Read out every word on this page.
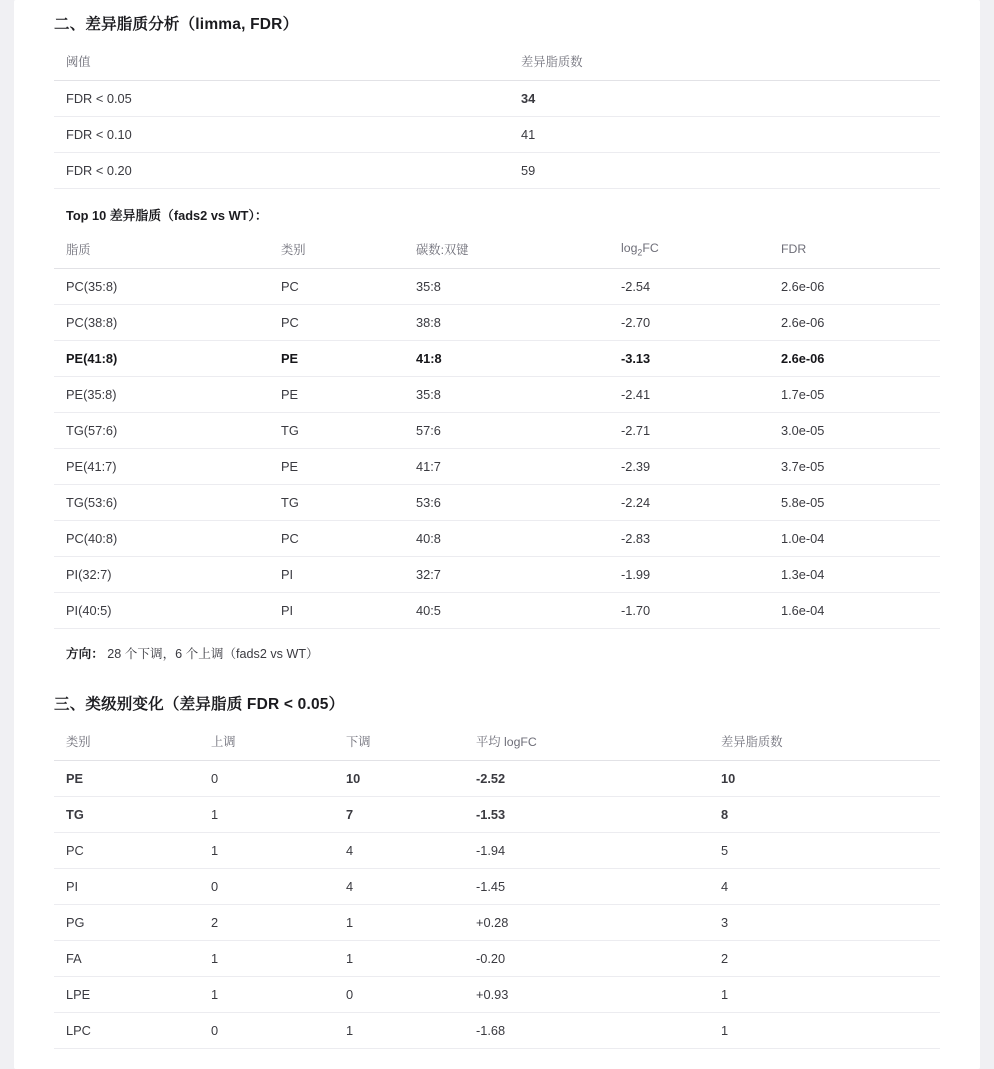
二、差异脂质分析（limma, FDR）
阈值	差异脂质数
FDR < 0.05	34
FDR < 0.10	41
FDR < 0.20	59
Top 10 差异脂质（fads2 vs WT）：
脂质	类别	碳数:双键	$\log_2FC$	FDR
PC(35:8)	PC	35:8	-2.54	2.6e-06
PC(38:8)	PC	38:8	-2.70	2.6e-06
PE(41:8)	PE	41:8	-3.13	2.6e-06
PE(35:8)	PE	35:8	-2.41	1.7e-05
TG(57:6)	TG	57:6	-2.71	3.0e-05
PE(41:7)	PE	41:7	-2.39	3.7e-05
TG(53:6)	TG	53:6	-2.24	5.8e-05
PC(40:8)	PC	40:8	-2.83	1.0e-04
PI(32:7)	PI	32:7	-1.99	1.3e-04
PI(40:5)	PI	40:5	-1.70	1.6e-04
方向： 28 个下调，6 个上调（fads2 vs WT）
三、类级别变化（差异脂质 FDR < 0.05）
类别	上调	下调	平均 logFC	差异脂质数
PE	0	10	-2.52	10
TG	1	7	-1.53	8
PC	1	4	-1.94	5
PI	0	4	-1.45	4
PG	2	1	+0.28	3
FA	1	1	-0.20	2
LPE	1	0	+0.93	1
LPC	0	1	-1.68	1
